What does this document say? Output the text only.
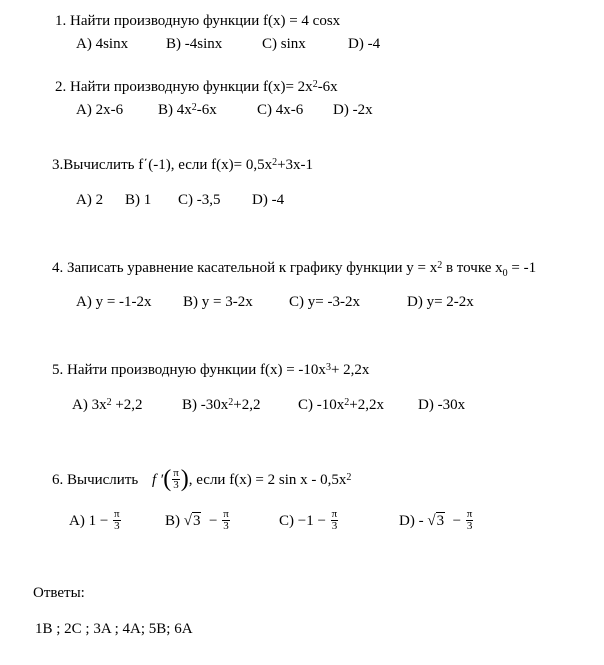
1. Найти производную функции f(x) = 4 cosx
A) 4sinx	B) -4sinx	C) sinx	D) -4
2. Найти производную функции $f(x)= 2x^2-6x$
A) 2x-6 B) $4x^2-6x$	C) 4x-6 D) -2x
3.Вычислить f΄(-1), если $f(x)= 0,5x^2+3x-1$
A) 2 B) 1 C) -3,5 D) -4
4. Записать уравнение касательной к графику функции $y = x^2$ в точке $x_0 = -1$
A) y = -1-2x B) y = 3-2x C) y= -3-2x	D) y= 2-2x
5. Найти производную функции $f(x) = -10x^3+ 2,2x$
A) $3x^2 +2,2$	B) $-30x^2+2,2$	C) $-10x^2+2,2x$ D) -30x
6. Вычислить f ′( $\frac{\pi}{3}$ ), если f(x) = 2 sin x - $0,5x^2$
A) $1 - \frac{\pi}{3}$	B) $√3 - \frac{\pi}{3}$	$C) -1 - \frac{\pi}{3}$	$D) - √3 - \frac{\pi}{3}$
Ответы:
1B ; 2C ; 3A ; 4A; 5B; 6A
